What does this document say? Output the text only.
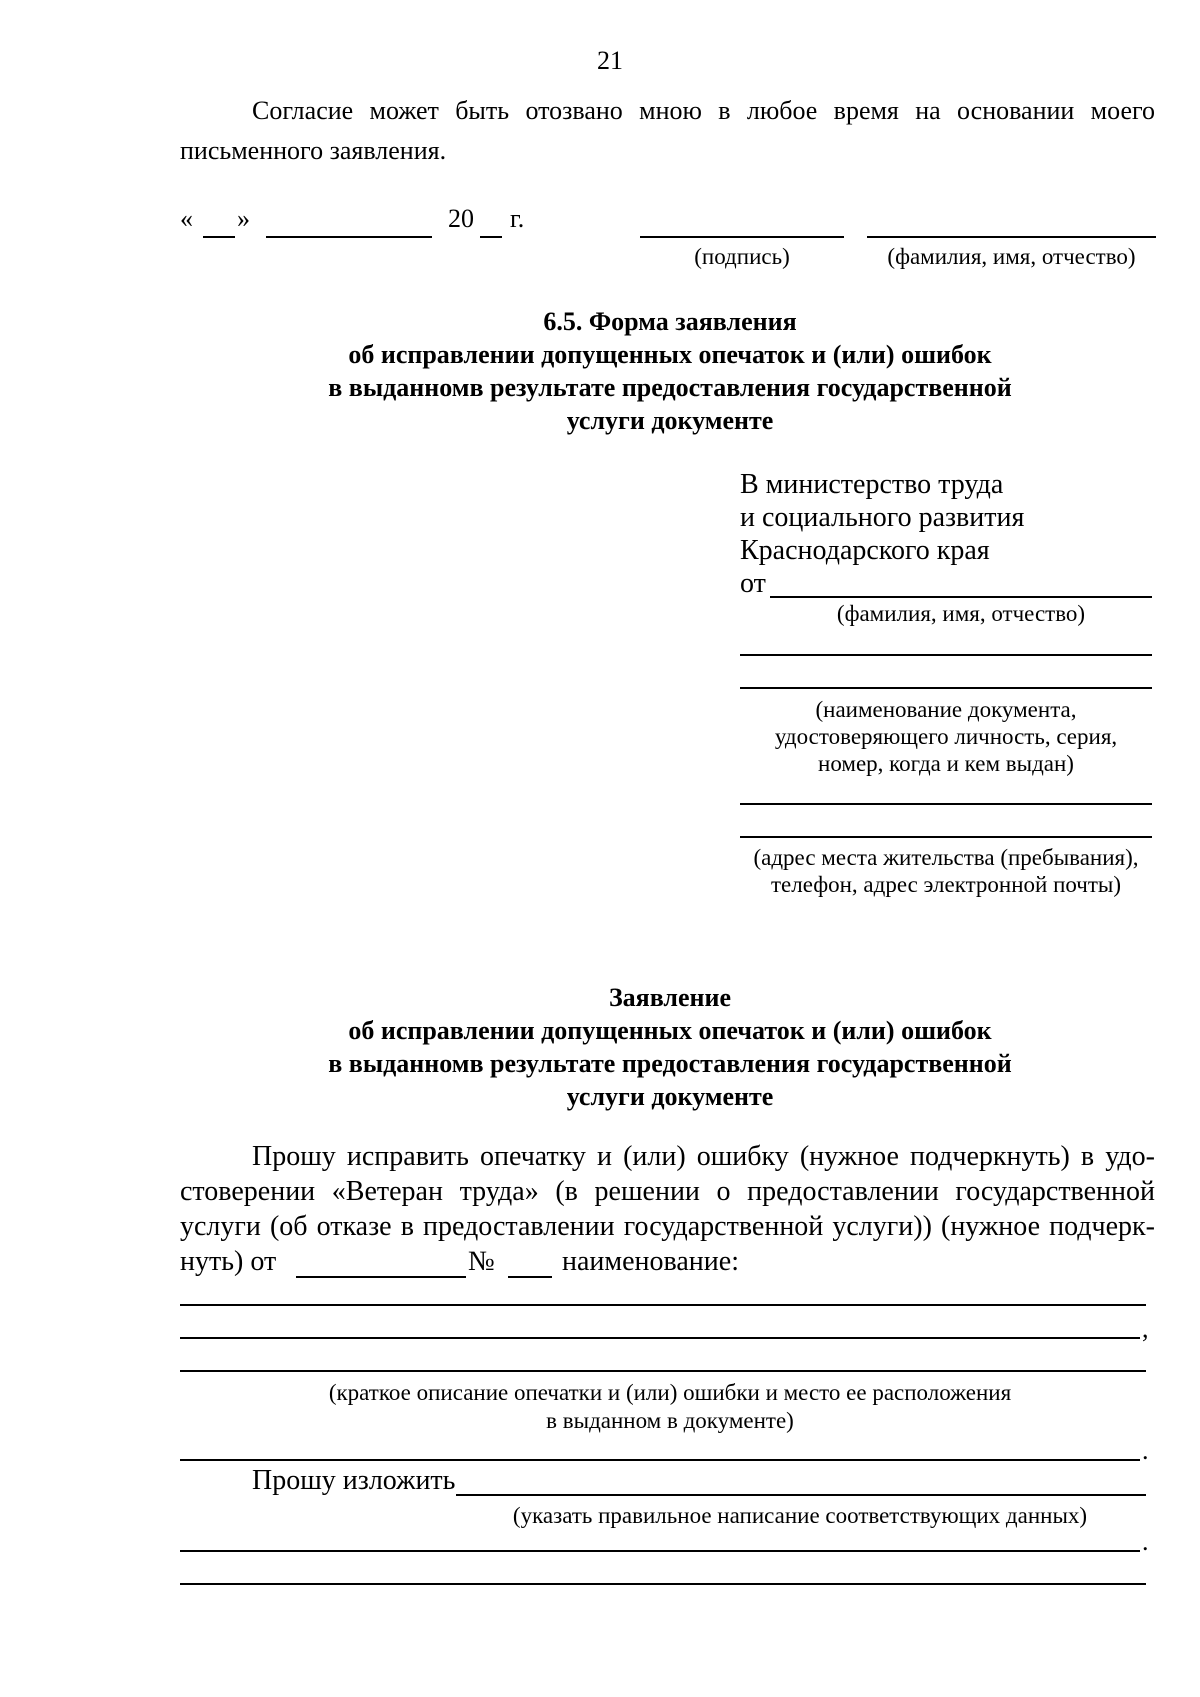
21
Согласие может быть отозвано мною в любое время на основании моего
письменного заявления.
« »	20 г.
(подпись)	(фамилия, имя, отчество)
6.5. Форма заявления
об исправлении допущенных опечаток и (или) ошибок
в выданномв результате предоставления государственной
услуги документе
В министерство труда
и социального развития
Краснодарского края
от
(фамилия, имя, отчество)
(наименование документа,
удостоверяющего личность, серия,
номер, когда и кем выдан)
(адрес места жительства (пребывания),
телефон, адрес электронной почты)
Заявление
об исправлении допущенных опечаток и (или) ошибок
в выданномв результате предоставления государственной
услуги документе
Прошу исправить опечатку и (или) ошибку (нужное подчеркнуть) в удо-
стоверении «Ветеран труда» (в решении о предоставлении государственной
услуги (об отказе в предоставлении государственной услуги)) (нужное подчерк-
нуть) от	№ наименование:
,
(краткое описание опечатки и (или) ошибки и место ее расположения
в выданном в документе)
.
Прошу изложить
(указать правильное написание соответствующих данных)
.
